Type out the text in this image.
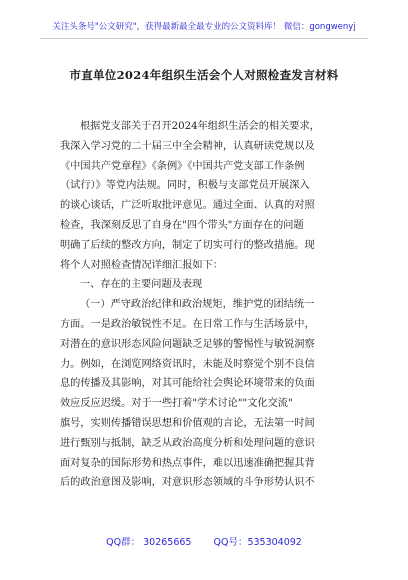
关注头条号"公文研究"，获得最新最全最专业的公文资料库！ 微信：gongwenyj
市直单位2024年组织生活会个人对照检查发言材料
根据党支部关于召开2024年组织生活会的相关要求，
我深入学习党的二十届三中全会精神，认真研读党规以及
《中国共产党章程》《条例》《中国共产党支部工作条例
（试行）》等党内法规。同时，积极与支部党员开展深入
的谈心谈话，广泛听取批评意见。通过全面、认真的对照
检查，我深刻反思了自身在"四个带头"方面存在的问题
明确了后续的整改方向，制定了切实可行的整改措施。现
将个人对照检查情况详细汇报如下：
一、存在的主要问题及表现
（一）严守政治纪律和政治规矩，维护党的团结统一
方面。一是政治敏锐性不足。在日常工作与生活场景中，
对潜在的意识形态风险问题缺乏足够的警惕性与敏锐洞察
力。例如，在浏览网络资讯时，未能及时察觉个别不良信
息的传播及其影响，对其可能给社会舆论环境带来的负面
效应反应迟缓。对于一些打着"学术讨论""文化交流"
旗号，实则传播错误思想和价值观的言论，无法第一时间
进行甄别与抵制，缺乏从政治高度分析和处理问题的意识
面对复杂的国际形势和热点事件，难以迅速准确把握其背
后的政治意图及影响，对意识形态领域的斗争形势认识不
QQ群： 30265665 QQ号：535304092
